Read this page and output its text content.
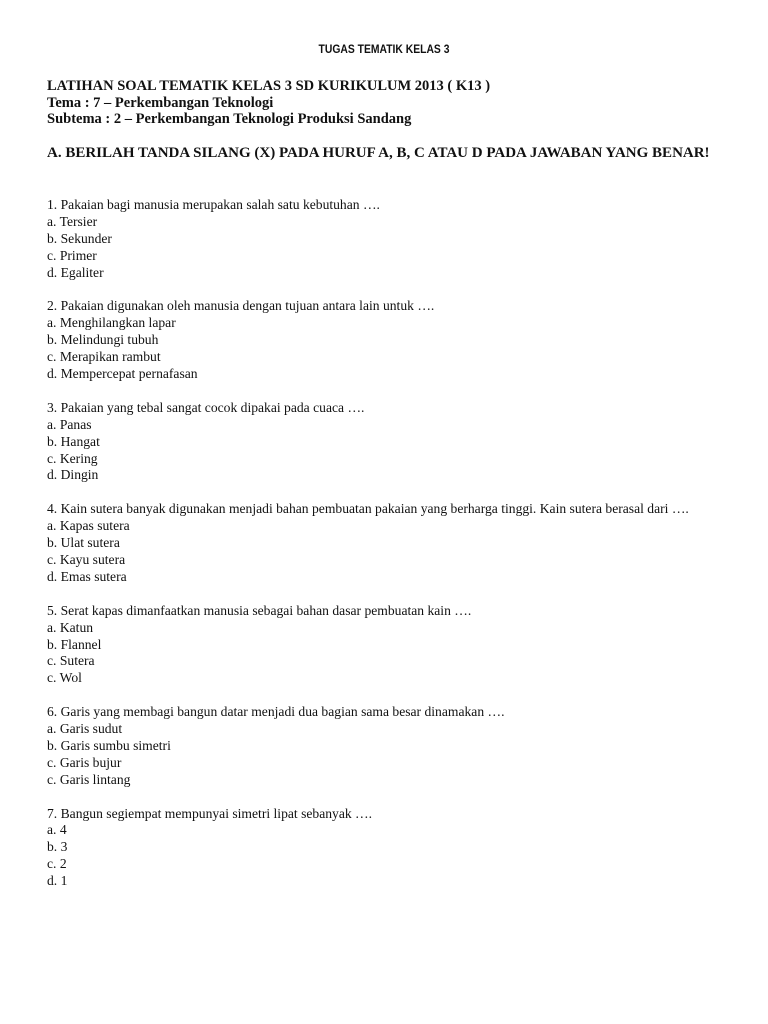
TUGAS TEMATIK KELAS 3
LATIHAN SOAL TEMATIK KELAS 3 SD KURIKULUM 2013 ( K13 )
Tema : 7 – Perkembangan Teknologi
Subtema : 2 – Perkembangan Teknologi Produksi Sandang
A. BERILAH TANDA SILANG (X) PADA HURUF A, B, C ATAU D PADA JAWABAN YANG BENAR!
1. Pakaian bagi manusia merupakan salah satu kebutuhan ….
a. Tersier
b. Sekunder
c. Primer
d. Egaliter
2. Pakaian digunakan oleh manusia dengan tujuan antara lain untuk ….
a. Menghilangkan lapar
b. Melindungi tubuh
c. Merapikan rambut
d. Mempercepat pernafasan
3. Pakaian yang tebal sangat cocok dipakai pada cuaca ….
a. Panas
b. Hangat
c. Kering
d. Dingin
4. Kain sutera banyak digunakan menjadi bahan pembuatan pakaian yang berharga tinggi. Kain sutera berasal dari ….
a. Kapas sutera
b. Ulat sutera
c. Kayu sutera
d. Emas sutera
5. Serat kapas dimanfaatkan manusia sebagai bahan dasar pembuatan kain ….
a. Katun
b. Flannel
c. Sutera
c. Wol
6. Garis yang membagi bangun datar menjadi dua bagian sama besar dinamakan ….
a. Garis sudut
b. Garis sumbu simetri
c. Garis bujur
c. Garis lintang
7. Bangun segiempat mempunyai simetri lipat sebanyak ….
a. 4
b. 3
c. 2
d. 1
